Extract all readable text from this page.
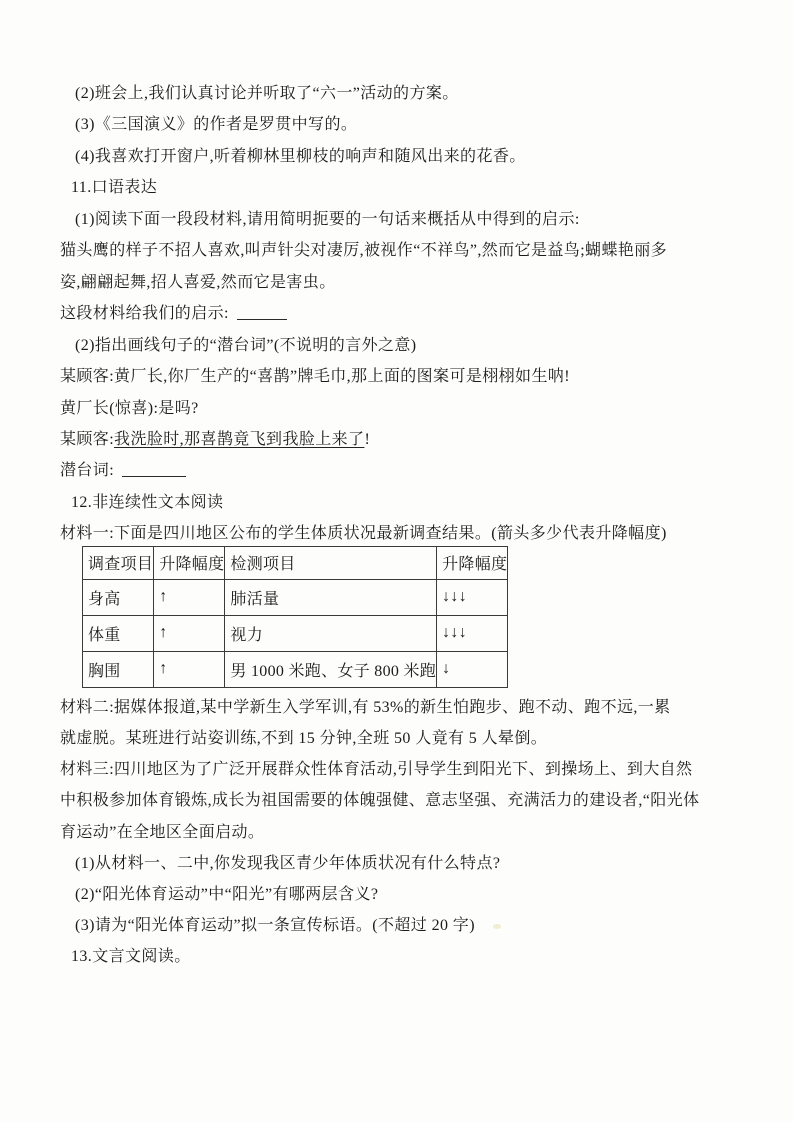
(2)班会上,我们认真讨论并听取了“六一”活动的方案。
(3)《三国演义》的作者是罗贯中写的。
(4)我喜欢打开窗户,听着柳林里柳枝的响声和随风出来的花香。
11.口语表达
(1)阅读下面一段段材料,请用简明扼要的一句话来概括从中得到的启示:
猫头鹰的样子不招人喜欢,叫声针尖对凄厉,被视作“不祥鸟”,然而它是益鸟;蝴蝶艳丽多
姿,翩翩起舞,招人喜爱,然而它是害虫。
这段材料给我们的启示:
(2)指出画线句子的“潜台词”(不说明的言外之意)
某顾客:黄厂长,你厂生产的“喜鹊”牌毛巾,那上面的图案可是栩栩如生呐!
黄厂长(惊喜):是吗?
某顾客:我洗脸时,那喜鹊竟飞到我脸上来了!
潜台词:
12.非连续性文本阅读
材料一:下面是四川地区公布的学生体质状况最新调查结果。(箭头多少代表升降幅度)
调查项目	升降幅度	检测项目	升降幅度
身高	↑	肺活量	↓↓↓
体重	↑	视力	↓↓↓
胸围	↑	男 1000 米跑、女子 800 米跑	↓
材料二:据媒体报道,某中学新生入学军训,有 53%的新生怕跑步、跑不动、跑不远,一累
就虚脱。某班进行站姿训练,不到 15 分钟,全班 50 人竟有 5 人晕倒。
材料三:四川地区为了广泛开展群众性体育活动,引导学生到阳光下、到操场上、到大自然
中积极参加体育锻炼,成长为祖国需要的体魄强健、意志坚强、充满活力的建设者,“阳光体
育运动”在全地区全面启动。
(1)从材料一、二中,你发现我区青少年体质状况有什么特点?
(2)“阳光体育运动”中“阳光”有哪两层含义?
(3)请为“阳光体育运动”拟一条宣传标语。(不超过 20 字)
13.文言文阅读。
